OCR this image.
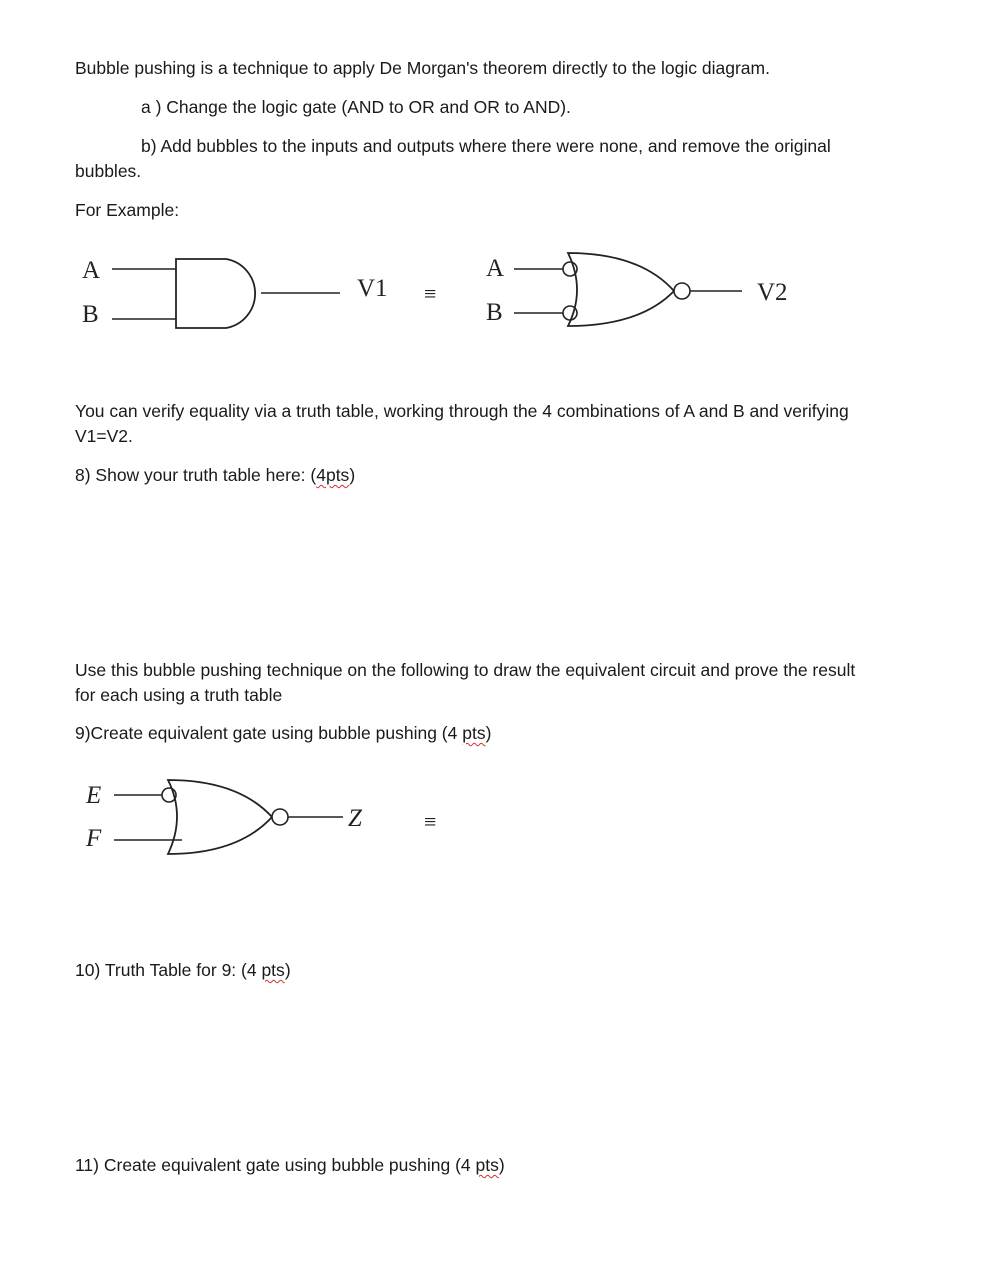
Bubble pushing is a technique to apply De Morgan's theorem directly to the logic diagram.
a ) Change the logic gate (AND to OR and OR to AND).
b) Add bubbles to the inputs and outputs where there were none, and remove the original
bubbles.
For Example:
A
B
V1 ≡
A
B
V2
You can verify equality via a truth table, working through the 4 combinations of A and B and verifying
V1=V2.
8) Show your truth table here: (4pts)
Use this bubble pushing technique on the following to draw the equivalent circuit and prove the result
for each using a truth table
9)Create equivalent gate using bubble pushing (4 pts)
E
F
Z	≡
10) Truth Table for 9: (4 pts)
11) Create equivalent gate using bubble pushing (4 pts)
